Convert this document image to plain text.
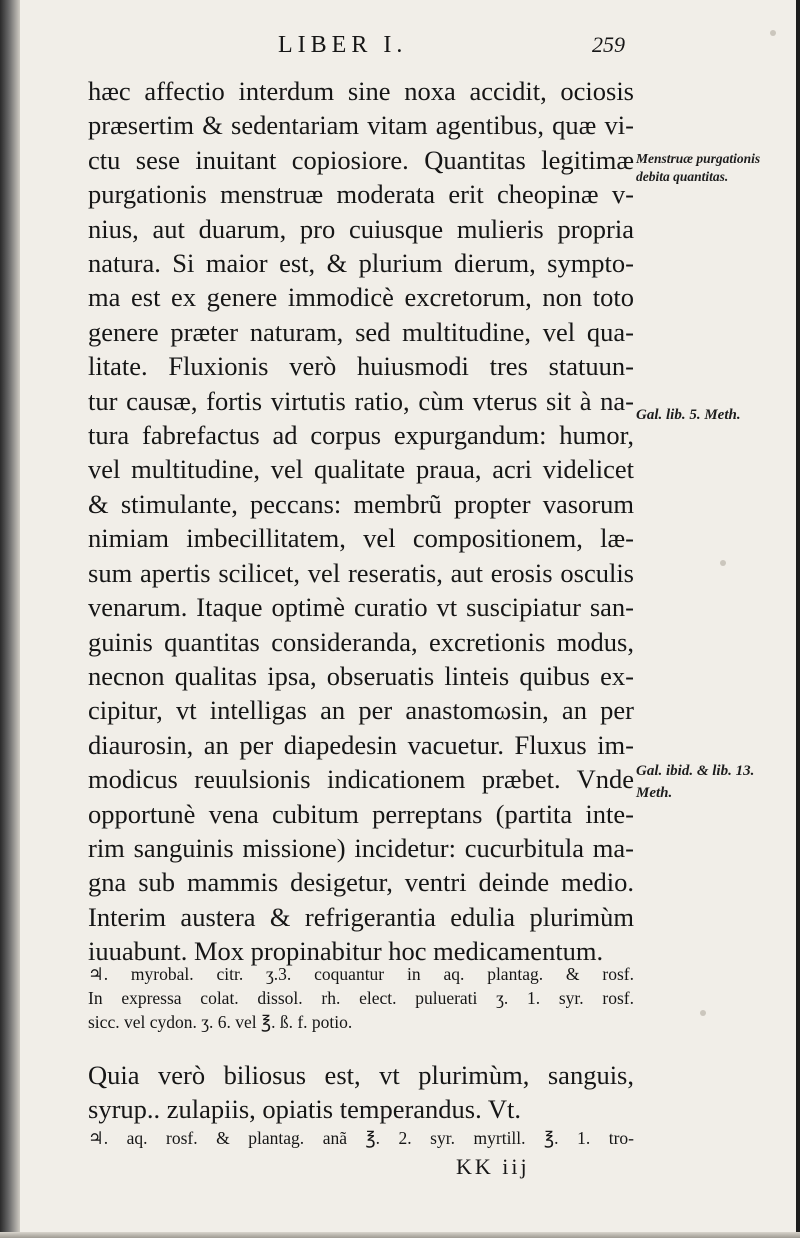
LIBER I.	259
hæc affectio interdum sine noxa accidit, ociosis
præsertim & sedentariam vitam agentibus, quæ vi-
ctu sese inuitant copiosiore. Quantitas legitimæ
purgationis menstruæ moderata erit cheopinæ v-
nius, aut duarum, pro cuiusque mulieris propria
natura. Si maior est, & plurium dierum, sympto-
ma est ex genere immodicè excretorum, non toto
genere præter naturam, sed multitudine, vel qua-
litate. Fluxionis verò huiusmodi tres statuun-
tur causæ, fortis virtutis ratio, cùm vterus sit à na-
tura fabrefactus ad corpus expurgandum: humor,
vel multitudine, vel qualitate praua, acri videlicet
& stimulante, peccans: membrũ propter vasorum
nimiam imbecillitatem, vel compositionem, læ-
sum apertis scilicet, vel reseratis, aut erosis osculis
venarum. Itaque optimè curatio vt suscipiatur san-
guinis quantitas consideranda, excretionis modus,
necnon qualitas ipsa, obseruatis linteis quibus ex-
cipitur, vt intelligas an per anastomωsin, an per
diaurosin, an per diapedesin vacuetur. Fluxus im-
modicus reuulsionis indicationem præbet. Vnde
opportunè vena cubitum perreptans (partita inte-
rim sanguinis missione) incidetur: cucurbitula ma-
gna sub mammis desigetur, ventri deinde medio.
Interim austera & refrigerantia edulia plurimùm
iuuabunt. Mox propinabitur hoc medicamentum.
♃. myrobal. citr. ʒ.3. coquantur in aq. plantag. & rosf.
In expressa colat. dissol. rh. elect. puluerati ʒ. 1. syr. rosf.
sicc. vel cydon. ʒ. 6. vel ℥. ß. f. potio.
Quia verò biliosus est, vt plurimùm, sanguis,
syrup.. zulapiis, opiatis temperandus. Vt.
♃. aq. rosf. & plantag. anã ℥. 2. syr. myrtill. ℥. 1. tro-
KK iij
Menstruæ purgationis debita quantitas.
Gal. lib. 5. Meth.
Gal. ibid. & lib. 13. Meth.
